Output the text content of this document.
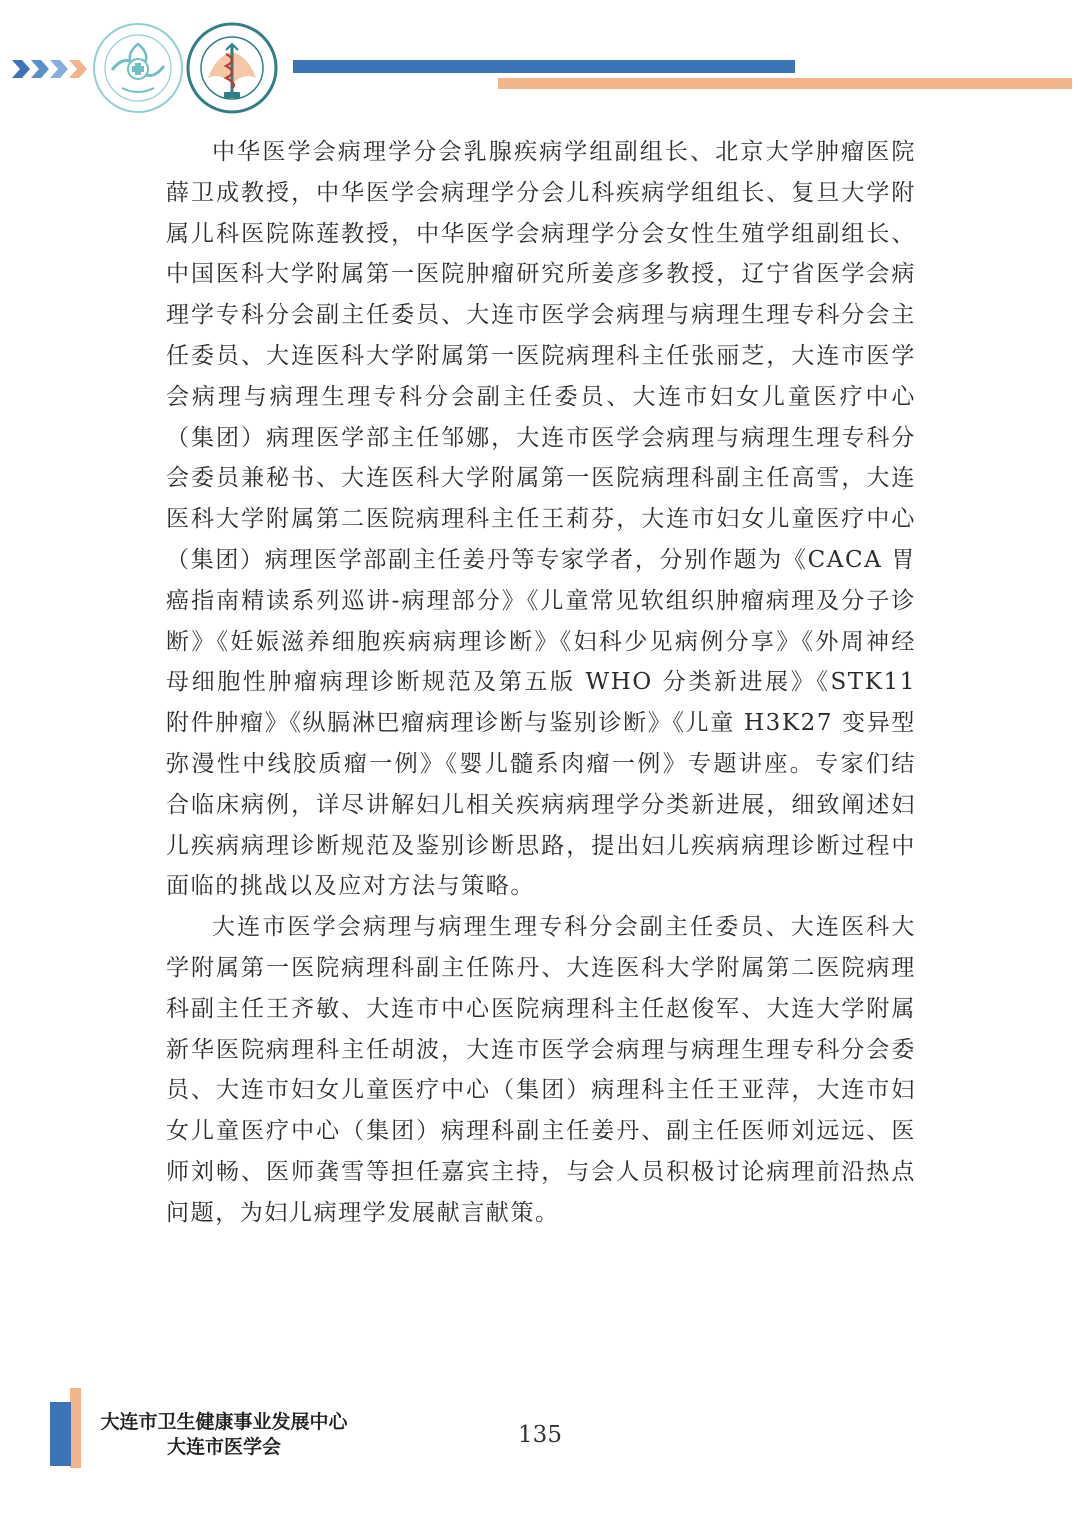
中华医学会病理学分会乳腺疾病学组副组长、北京大学肿瘤医院薛卫成教授，中华医学会病理学分会儿科疾病学组组长、复旦大学附属儿科医院陈莲教授，中华医学会病理学分会女性生殖学组副组长、中国医科大学附属第一医院肿瘤研究所姜彦多教授，辽宁省医学会病理学专科分会副主任委员、大连市医学会病理与病理生理专科分会主任委员、大连医科大学附属第一医院病理科主任张丽芝，大连市医学会病理与病理生理专科分会副主任委员、大连市妇女儿童医疗中心（集团）病理医学部主任邹娜，大连市医学会病理与病理生理专科分会委员兼秘书、大连医科大学附属第一医院病理科副主任高雪，大连医科大学附属第二医院病理科主任王莉芬，大连市妇女儿童医疗中心（集团）病理医学部副主任姜丹等专家学者，分别作题为《CACA 胃癌指南精读系列巡讲-病理部分》《儿童常见软组织肿瘤病理及分子诊断》《妊娠滋养细胞疾病病理诊断》《妇科少见病例分享》《外周神经母细胞性肿瘤病理诊断规范及第五版 WHO 分类新进展》《STK11 附件肿瘤》《纵膈淋巴瘤病理诊断与鉴别诊断》《儿童 H3K27 变异型弥漫性中线胶质瘤一例》《婴儿髓系肉瘤一例》专题讲座。专家们结合临床病例，详尽讲解妇儿相关疾病病理学分类新进展，细致阐述妇儿疾病病理诊断规范及鉴别诊断思路，提出妇儿疾病病理诊断过程中面临的挑战以及应对方法与策略。

大连市医学会病理与病理生理专科分会副主任委员、大连医科大学附属第一医院病理科副主任陈丹、大连医科大学附属第二医院病理科副主任王齐敏、大连市中心医院病理科主任赵俊军、大连大学附属新华医院病理科主任胡波，大连市医学会病理与病理生理专科分会委员、大连市妇女儿童医疗中心（集团）病理科主任王亚萍，大连市妇女儿童医疗中心（集团）病理科副主任姜丹、副主任医师刘远远、医师刘畅、医师龚雪等担任嘉宾主持，与会人员积极讨论病理前沿热点问题，为妇儿病理学发展献言献策。

大连市卫生健康事业发展中心
大连市医学会	135
